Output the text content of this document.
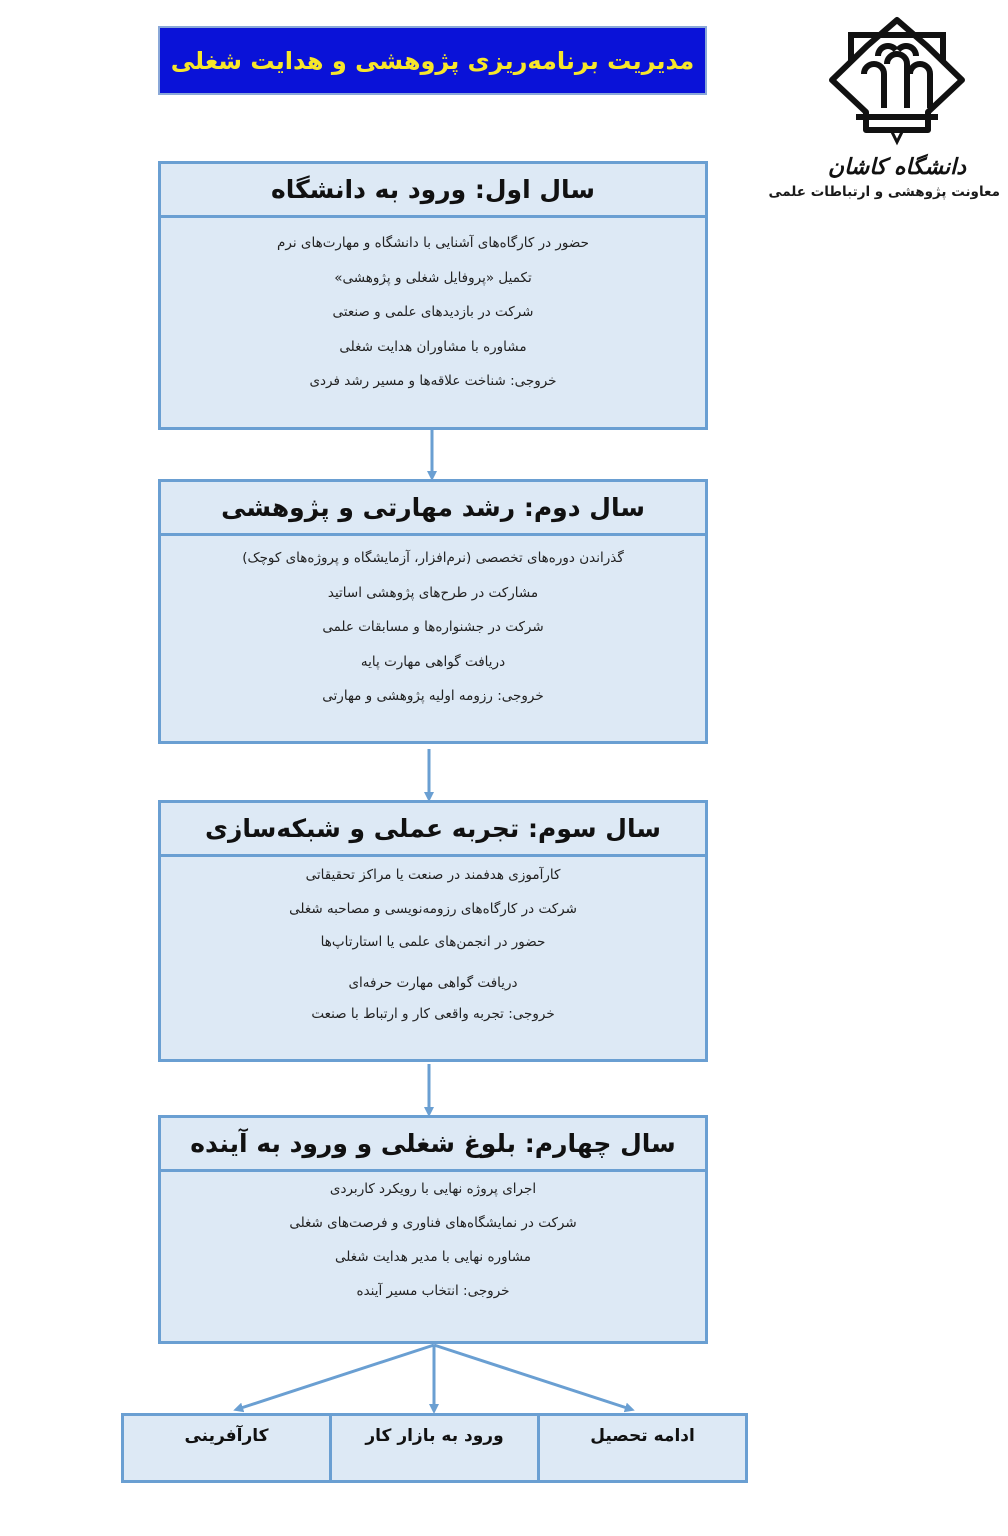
مدیریت برنامه‌ریزی پژوهشی و هدایت شغلی
دانشگاه کاشان
معاونت پژوهشی و ارتباطات علمی
سال اول: ورود به دانشگاه
حضور در کارگاه‌های آشنایی با دانشگاه و مهارت‌های نرم
تکمیل «پروفایل شغلی و پژوهشی»
شرکت در بازدیدهای علمی و صنعتی
مشاوره با مشاوران هدایت شغلی
خروجی: شناخت علاقه‌ها و مسیر رشد فردی
سال دوم: رشد مهارتی و پژوهشی
گذراندن دوره‌های تخصصی (نرم‌افزار، آزمایشگاه و پروژه‌های کوچک)
مشارکت در طرح‌های پژوهشی اساتید
شرکت در جشنواره‌ها و مسابقات علمی
دریافت گواهی مهارت پایه
خروجی: رزومه اولیه پژوهشی و مهارتی
سال سوم: تجربه عملی و شبکه‌سازی
کارآموزی هدفمند در صنعت یا مراکز تحقیقاتی
شرکت در کارگاه‌های رزومه‌نویسی و مصاحبه شغلی
حضور در انجمن‌های علمی یا استارتاپ‌ها
دریافت گواهی مهارت حرفه‌ای
خروجی: تجربه واقعی کار و ارتباط با صنعت
سال چهارم: بلوغ شغلی و ورود به آینده
اجرای پروژه نهایی با رویکرد کاربردی
شرکت در نمایشگاه‌های فناوری و فرصت‌های شغلی
مشاوره نهایی با مدیر هدایت شغلی
خروجی: انتخاب مسیر آینده
کارآفرینی	ورود به بازار کار	ادامه تحصیل
